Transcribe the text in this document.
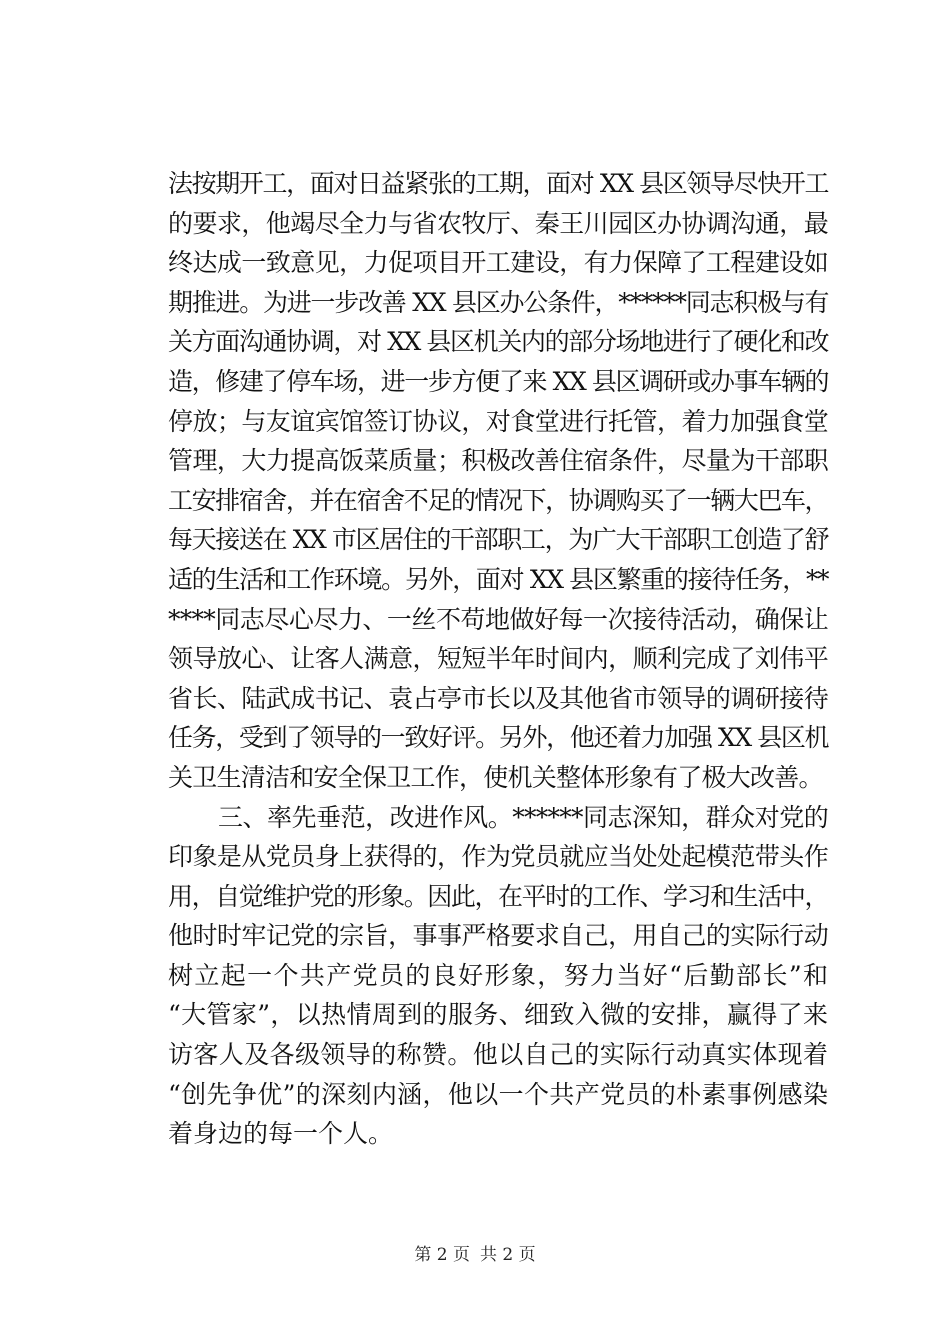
法按期开工，面对日益紧张的工期，面对 XX 县区领导尽快开工
的要求，他竭尽全力与省农牧厅、秦王川园区办协调沟通，最
终达成一致意见，力促项目开工建设，有力保障了工程建设如
期推进。为进一步改善 XX 县区办公条件，******同志积极与有
关方面沟通协调，对 XX 县区机关内的部分场地进行了硬化和改
造，修建了停车场，进一步方便了来 XX 县区调研或办事车辆的
停放；与友谊宾馆签订协议，对食堂进行托管，着力加强食堂
管理，大力提高饭菜质量；积极改善住宿条件，尽量为干部职
工安排宿舍，并在宿舍不足的情况下，协调购买了一辆大巴车，
每天接送在 XX 市区居住的干部职工，为广大干部职工创造了舒
适的生活和工作环境。另外，面对 XX 县区繁重的接待任务，**
****同志尽心尽力、一丝不苟地做好每一次接待活动，确保让
领导放心、让客人满意，短短半年时间内，顺利完成了刘伟平
省长、陆武成书记、袁占亭市长以及其他省市领导的调研接待
任务，受到了领导的一致好评。另外，他还着力加强 XX 县区机
关卫生清洁和安全保卫工作，使机关整体形象有了极大改善。
三、率先垂范，改进作风。******同志深知，群众对党的
印象是从党员身上获得的，作为党员就应当处处起模范带头作
用，自觉维护党的形象。因此，在平时的工作、学习和生活中，
他时时牢记党的宗旨，事事严格要求自己，用自己的实际行动
树立起一个共产党员的良好形象，努力当好“后勤部长”和
“大管家”，以热情周到的服务、细致入微的安排，赢得了来
访客人及各级领导的称赞。他以自己的实际行动真实体现着
“创先争优”的深刻内涵，他以一个共产党员的朴素事例感染
着身边的每一个人。
第 2 页 共 2 页
